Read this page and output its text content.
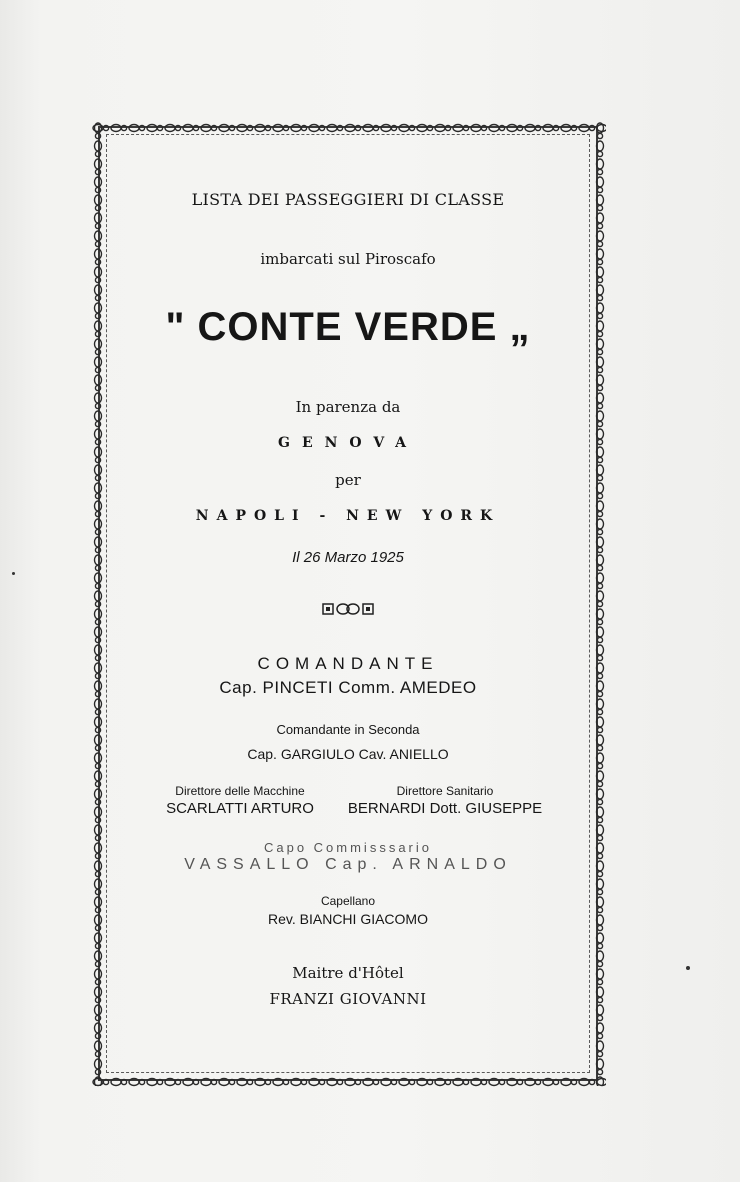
LISTA DEI PASSEGGIERI DI CLASSE
imbarcati sul Piroscafo
" CONTE VERDE „
In parenza da
GENOVA
per
NAPOLI - NEW YORK
Il 26 Marzo 1925
COMANDANTE
Cap. PINCETI Comm. AMEDEO
Comandante in Seconda
Cap. GARGIULO Cav. ANIELLO
Direttore delle Macchine
SCARLATTI ARTURO
Direttore Sanitario
BERNARDI Dott. GIUSEPPE
Capo Commisssario
VASSALLO Cap. ARNALDO
Capellano
Rev. BIANCHI GIACOMO
Maitre d'Hôtel
FRANZI GIOVANNI
